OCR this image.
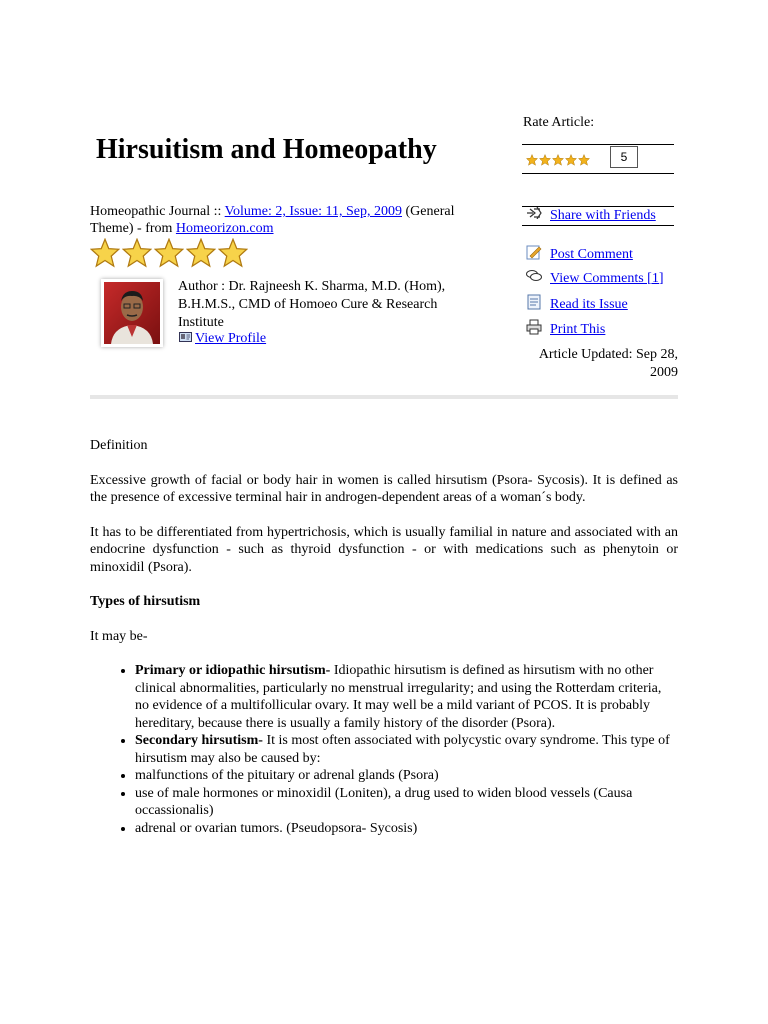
Rate Article:
5
Share with Friends
Post Comment
View Comments [1]
Read its Issue
Print This
Article Updated: Sep 28, 2009
Hirsuitism and Homeopathy
Homeopathic Journal :: Volume: 2, Issue: 11, Sep, 2009 (General Theme) - from Homeorizon.com
Author : Dr. Rajneesh K. Sharma, M.D. (Hom), B.H.M.S., CMD of Homoeo Cure & Research Institute
View Profile

Definition

Excessive growth of facial or body hair in women is called hirsutism (Psora- Sycosis). It is defined as the presence of excessive terminal hair in androgen-dependent areas of a woman´s body.

It has to be differentiated from hypertrichosis, which is usually familial in nature and associated with an endocrine dysfunction - such as thyroid dysfunction - or with medications such as phenytoin or minoxidil (Psora).

Types of hirsutism

It may be-

• Primary or idiopathic hirsutism- Idiopathic hirsutism is defined as hirsutism with no other clinical abnormalities, particularly no menstrual irregularity; and using the Rotterdam criteria, no evidence of a multifollicular ovary. It may well be a mild variant of PCOS. It is probably hereditary, because there is usually a family history of the disorder (Psora).
• Secondary hirsutism- It is most often associated with polycystic ovary syndrome. This type of hirsutism may also be caused by:
• malfunctions of the pituitary or adrenal glands (Psora)
• use of male hormones or minoxidil (Loniten), a drug used to widen blood vessels (Causa occassionalis)
• adrenal or ovarian tumors. (Pseudopsora- Sycosis)
